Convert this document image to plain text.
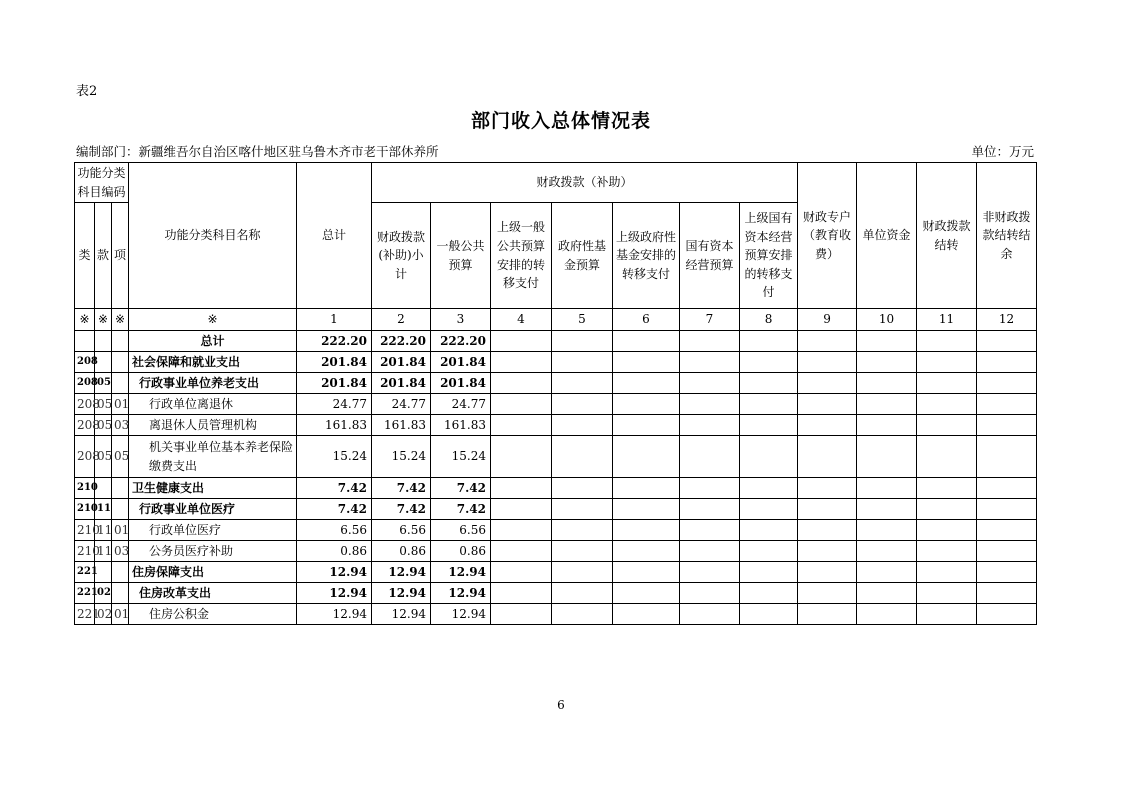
表2
部门收入总体情况表
编制部门：新疆维吾尔自治区喀什地区驻乌鲁木齐市老干部休养所	单位：万元
功能分类科目编码			功能分类科目名称	总计	财政拨款（补助）							财政专户（教育收费）	单位资金	财政拨款结转	非财政拨款结转结余
类	款	项			财政拨款(补助)小计	一般公共预算	上级一般公共预算安排的转移支付	政府性基金预算	上级政府性基金安排的转移支付	国有资本经营预算	上级国有资本经营预算安排的转移支付				
※	※	※	※	1	2	3	4	5	6	7	8	9	10	11	12
			总计	222.20	222.20	222.20									
208			社会保障和就业支出	201.84	201.84	201.84									
208	05		行政事业单位养老支出	201.84	201.84	201.84									
208	05	01	行政单位离退休	24.77	24.77	24.77									
208	05	03	离退休人员管理机构	161.83	161.83	161.83									
208	05	05	机关事业单位基本养老保险缴费支出	15.24	15.24	15.24									
210			卫生健康支出	7.42	7.42	7.42									
210	11		行政事业单位医疗	7.42	7.42	7.42									
210	11	01	行政单位医疗	6.56	6.56	6.56									
210	11	03	公务员医疗补助	0.86	0.86	0.86									
221			住房保障支出	12.94	12.94	12.94									
221	02		住房改革支出	12.94	12.94	12.94									
221	02	01	住房公积金	12.94	12.94	12.94									
6
